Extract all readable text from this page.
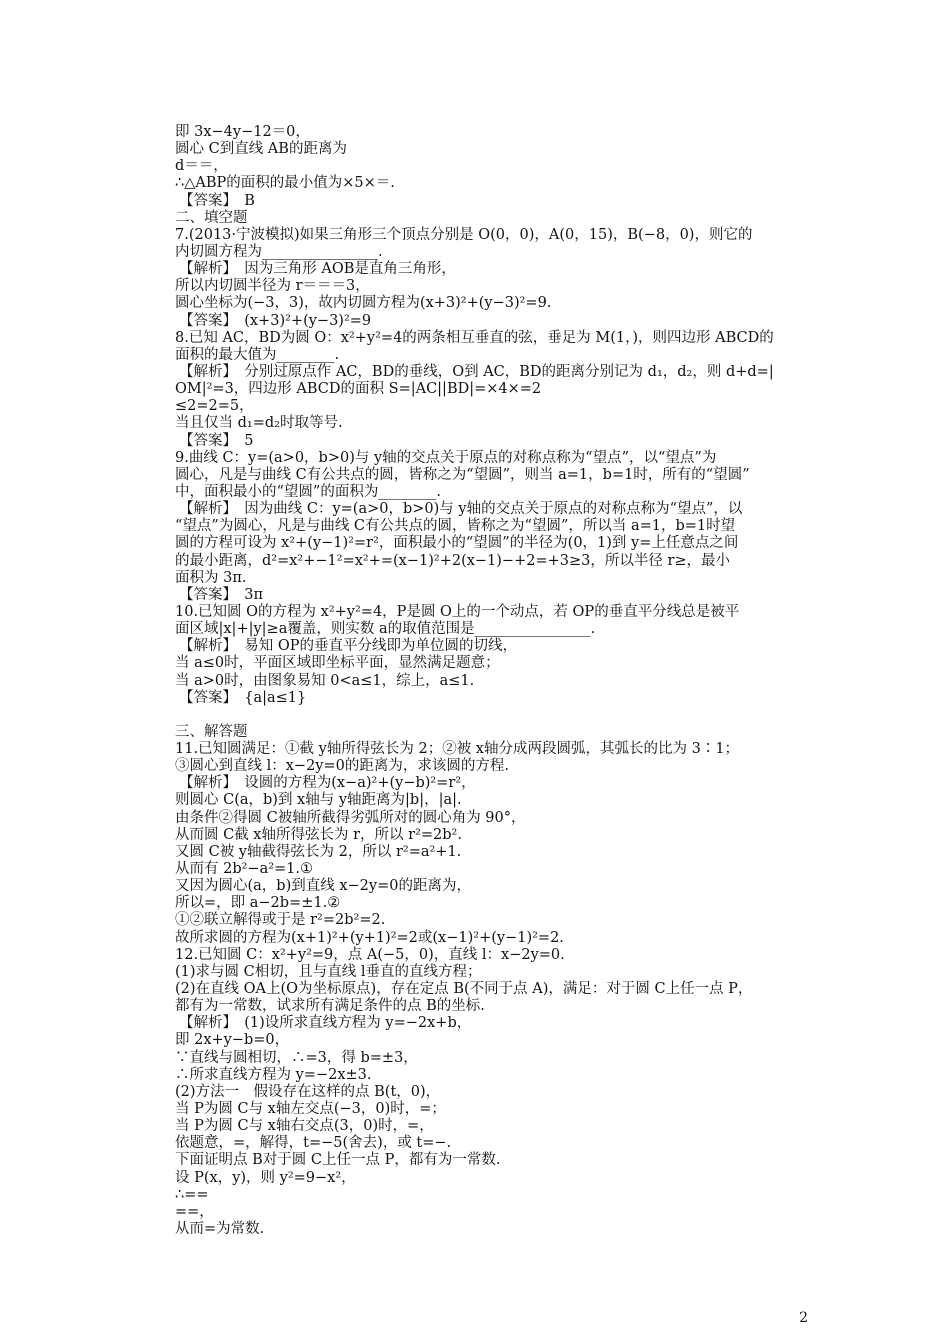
即 3x−4y−12＝0，
圆心 C到直线 AB的距离为
d＝＝，
∴△ABP的面积的最小值为×5×＝.
【答案】　B
二、填空题
7.(2013·宁波模拟)如果三角形三个顶点分别是 O(0，0)，A(0，15)，B(−8，0)，则它的
内切圆方程为________________.
【解析】　因为三角形 AOB是直角三角形，
所以内切圆半径为 r＝＝＝3，
圆心坐标为(−3，3)，故内切圆方程为(x+3)²+(y−3)²=9.
【答案】　(x+3)²+(y−3)²=9
8.已知 AC，BD为圆 O：x²+y²=4的两条相互垂直的弦，垂足为 M(1，)，则四边形 ABCD的
面积的最大值为________.
【解析】　分别过原点作 AC，BD的垂线，O到 AC，BD的距离分别记为 d₁，d₂，则 d+d=|
OM|²=3，四边形 ABCD的面积 S=|AC||BD|=×4×=2
≤2=2=5，
当且仅当 d₁=d₂时取等号.
【答案】　5
9.曲线 C：y=(a>0，b>0)与 y轴的交点关于原点的对称点称为“望点”，以“望点”为
圆心，凡是与曲线 C有公共点的圆，皆称之为“望圆”，则当 a=1，b=1时，所有的“望圆”
中，面积最小的“望圆”的面积为________.
【解析】　因为曲线 C：y=(a>0，b>0)与 y轴的交点关于原点的对称点称为“望点”，以
“望点”为圆心，凡是与曲线 C有公共点的圆，皆称之为“望圆”，所以当 a=1，b=1时望
圆的方程可设为 x²+(y−1)²=r²，面积最小的“望圆”的半径为(0，1)到 y=上任意点之间
的最小距离，d²=x²+−1²=x²+=(x−1)²+2(x−1)−+2=+3≥3，所以半径 r≥，最小
面积为 3π.
【答案】　3π
10.已知圆 O的方程为 x²+y²=4，P是圆 O上的一个动点，若 OP的垂直平分线总是被平
面区域|x|+|y|≥a覆盖，则实数 a的取值范围是________________.
【解析】　易知 OP的垂直平分线即为单位圆的切线，
当 a≤0时，平面区域即坐标平面，显然满足题意；
当 a>0时，由图象易知 0<a≤1，综上，a≤1.
【答案】　{a|a≤1}
三、解答题
11.已知圆满足：①截 y轴所得弦长为 2；②被 x轴分成两段圆弧，其弧长的比为 3∶1；
③圆心到直线 l：x−2y=0的距离为，求该圆的方程.
【解析】　设圆的方程为(x−a)²+(y−b)²=r²，
则圆心 C(a，b)到 x轴与 y轴距离为|b|，|a|.
由条件②得圆 C被轴所截得劣弧所对的圆心角为 90°，
从而圆 C截 x轴所得弦长为 r，所以 r²=2b².
又圆 C被 y轴截得弦长为 2，所以 r²=a²+1.
从而有 2b²−a²=1.①
又因为圆心(a，b)到直线 x−2y=0的距离为，
所以=，即 a−2b=±1.②
①②联立解得或于是 r²=2b²=2.
故所求圆的方程为(x+1)²+(y+1)²=2或(x−1)²+(y−1)²=2.
12.已知圆 C：x²+y²=9，点 A(−5，0)，直线 l：x−2y=0.
(1)求与圆 C相切，且与直线 l垂直的直线方程；
(2)在直线 OA上(O为坐标原点)，存在定点 B(不同于点 A)，满足：对于圆 C上任一点 P，
都有为一常数，试求所有满足条件的点 B的坐标.
【解析】　(1)设所求直线方程为 y=−2x+b，
即 2x+y−b=0，
∵直线与圆相切，∴=3，得 b=±3，
∴所求直线方程为 y=−2x±3.
(2)方法一　假设存在这样的点 B(t，0)，
当 P为圆 C与 x轴左交点(−3，0)时，=；
当 P为圆 C与 x轴右交点(3，0)时，=，
依题意，=，解得，t=−5(舍去)，或 t=−.
下面证明点 B对于圆 C上任一点 P，都有为一常数.
设 P(x，y)，则 y²=9−x²，
∴==
==，
从而=为常数.
2
